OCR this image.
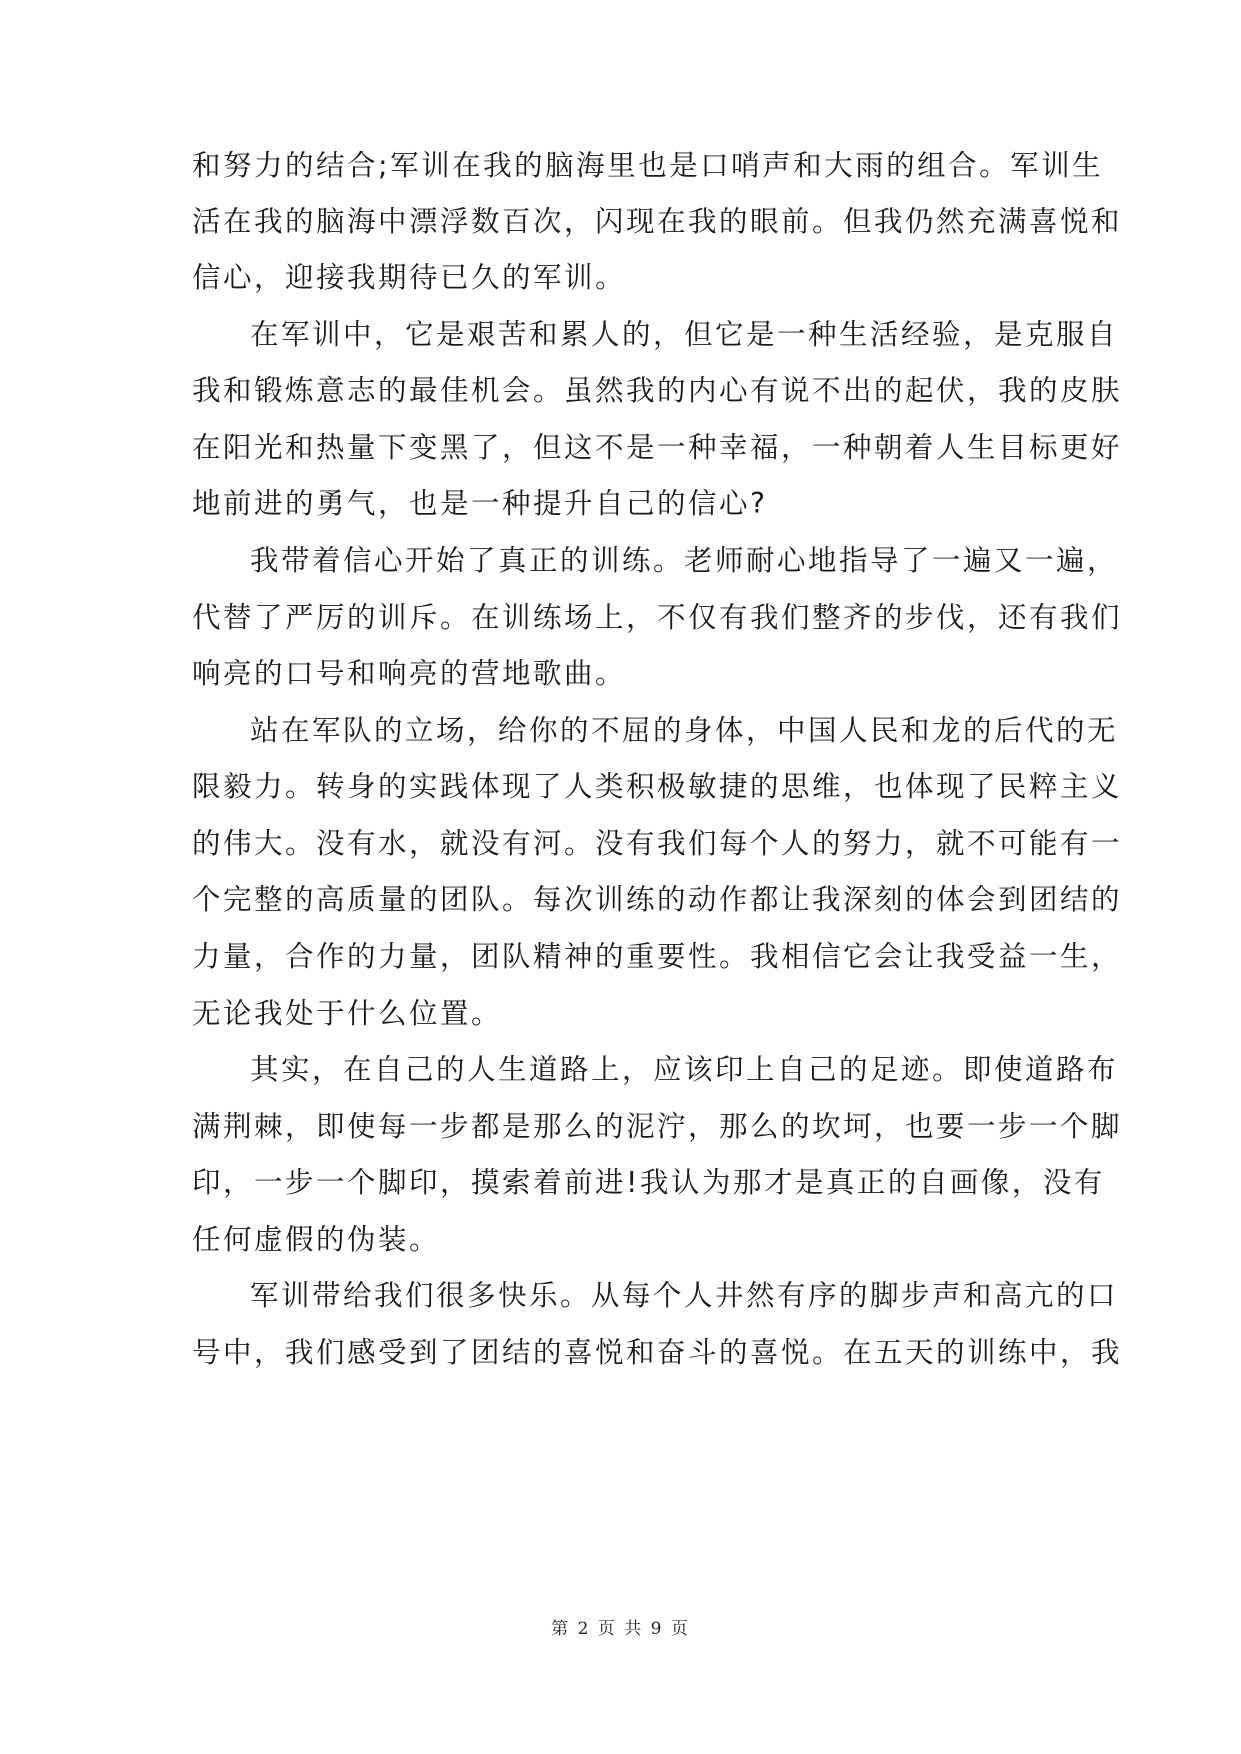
和努力的结合;军训在我的脑海里也是口哨声和大雨的组合。军训生
活在我的脑海中漂浮数百次，闪现在我的眼前。但我仍然充满喜悦和
信心，迎接我期待已久的军训。
在军训中，它是艰苦和累人的，但它是一种生活经验，是克服自
我和锻炼意志的最佳机会。虽然我的内心有说不出的起伏，我的皮肤
在阳光和热量下变黑了，但这不是一种幸福，一种朝着人生目标更好
地前进的勇气，也是一种提升自己的信心?
我带着信心开始了真正的训练。老师耐心地指导了一遍又一遍，
代替了严厉的训斥。在训练场上，不仅有我们整齐的步伐，还有我们
响亮的口号和响亮的营地歌曲。
站在军队的立场，给你的不屈的身体，中国人民和龙的后代的无
限毅力。转身的实践体现了人类积极敏捷的思维，也体现了民粹主义
的伟大。没有水，就没有河。没有我们每个人的努力，就不可能有一
个完整的高质量的团队。每次训练的动作都让我深刻的体会到团结的
力量，合作的力量，团队精神的重要性。我相信它会让我受益一生，
无论我处于什么位置。
其实，在自己的人生道路上，应该印上自己的足迹。即使道路布
满荆棘，即使每一步都是那么的泥泞，那么的坎坷，也要一步一个脚
印，一步一个脚印，摸索着前进!我认为那才是真正的自画像，没有
任何虚假的伪装。
军训带给我们很多快乐。从每个人井然有序的脚步声和高亢的口
号中，我们感受到了团结的喜悦和奋斗的喜悦。在五天的训练中，我
第 2 页 共 9 页
